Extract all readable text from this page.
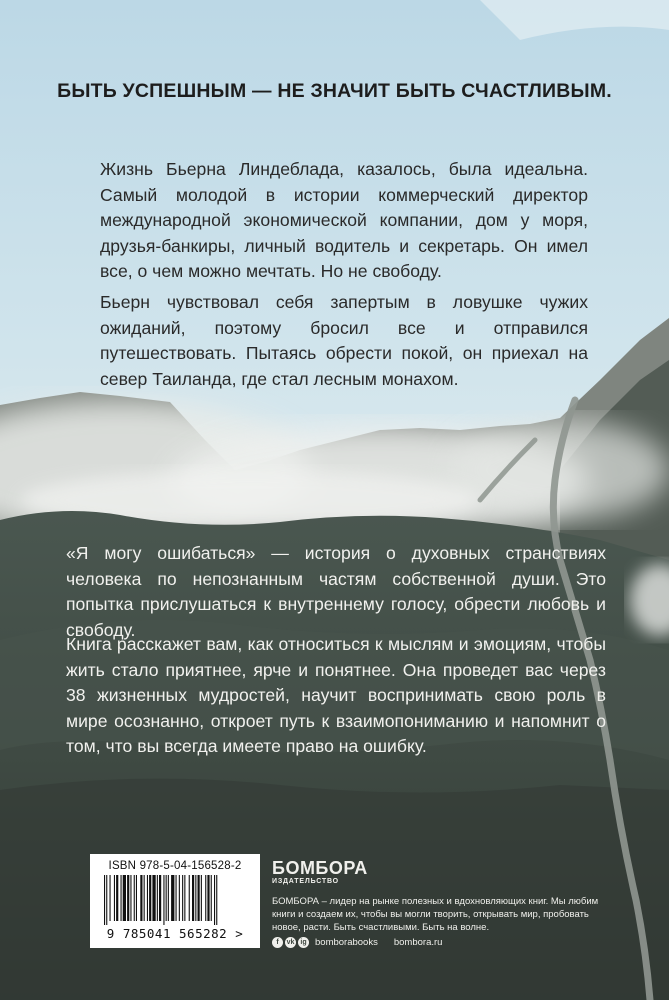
БЫТЬ УСПЕШНЫМ — НЕ ЗНАЧИТ БЫТЬ СЧАСТЛИВЫМ.

Жизнь Бьерна Линдеблада, казалось, была идеальна. Самый молодой в истории коммерческий директор международной экономической компании, дом у моря, друзья-банкиры, личный водитель и секретарь. Он имел все, о чем можно мечтать. Но не свободу.

Бьерн чувствовал себя запертым в ловушке чужих ожиданий, поэтому бросил все и отправился путешествовать. Пытаясь обрести покой, он приехал на север Таиланда, где стал лесным монахом.

«Я могу ошибаться» — история о духовных странствиях человека по непознанным частям собственной души. Это попытка прислушаться к внутреннему голосу, обрести любовь и свободу.

Книга расскажет вам, как относиться к мыслям и эмоциям, чтобы жить стало приятнее, ярче и понятнее. Она проведет вас через 38 жизненных мудростей, научит воспринимать свою роль в мире осознанно, откроет путь к взаимопониманию и напомнит о том, что вы всегда имеете право на ошибку.

ISBN 978-5-04-156528-2
9 785041 565282 >
БОМБОРА
ИЗДАТЕЛЬСТВО
БОМБОРА – лидер на рынке полезных и вдохновляющих книг. Мы любим книги и создаем их, чтобы вы могли творить, открывать мир, пробовать новое, расти. Быть счастливыми. Быть на волне.
f	vk ig bomborabooks bombora.ru
